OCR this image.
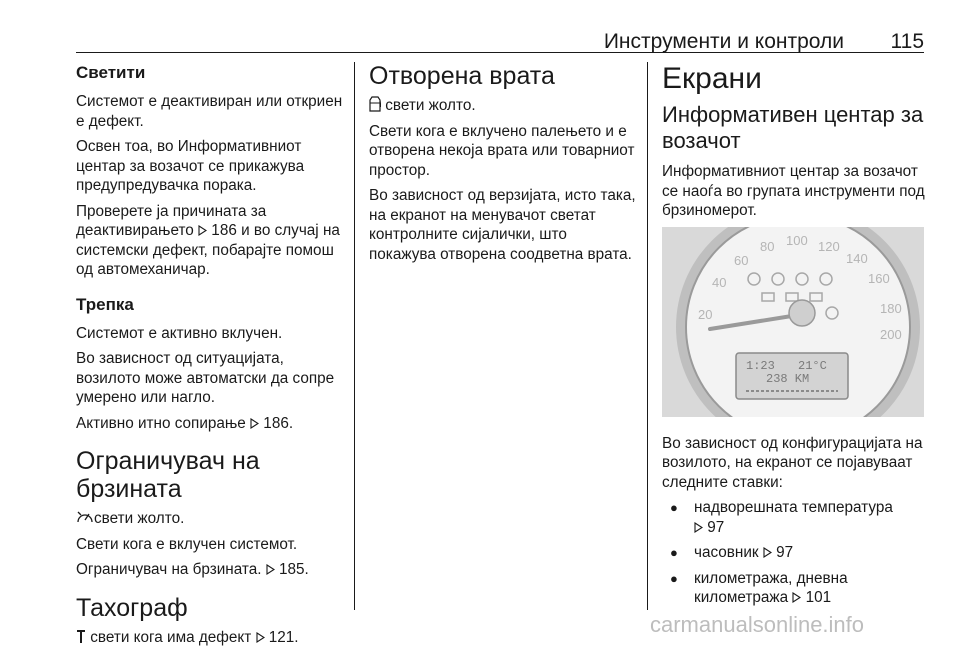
Инструменти и контроли 115
Светити

Системот е деактивиран или откриен е дефект.

Освен тоа, во Информативниот центар за возачот се прикажува предупредувачка порака.

Проверете ја причината за деактивирањето  186 и во случај на системски дефект, побарајте помош од автомеханичар.

Трепка

Системот е активно вклучен.

Во зависност од ситуацијата, возилото може автоматски да сопре умерено или нагло.

Активно итно сопирање  186.

Ограничувач на брзината

свети жолто.

Свети кога е вклучен системот.

Ограничувач на брзината.  185.

Тахограф

свети кога има дефект  121.

Отворена врата

свети жолто.

Свети кога е вклучено палењето и е отворена некоја врата или товарниот простор.

Во зависност од верзијата, исто така, на екранот на менувачот светат контролните сијалички, што покажува отворена соодветна врата.

Екрани
Информативен центар за возачот

Информативниот центар за возачот се наоѓа во групата инструменти под брзиномерот.

20
40
60
80 100 120
140
160
180
200
1:23 21°C
238 KM

Во зависност од конфигурацијата на возилото, на екранот се појавуваат следните ставки:

● надворешната температура
97

● часовник  97

● километража, дневна километража  101

carmanualsonline.info
